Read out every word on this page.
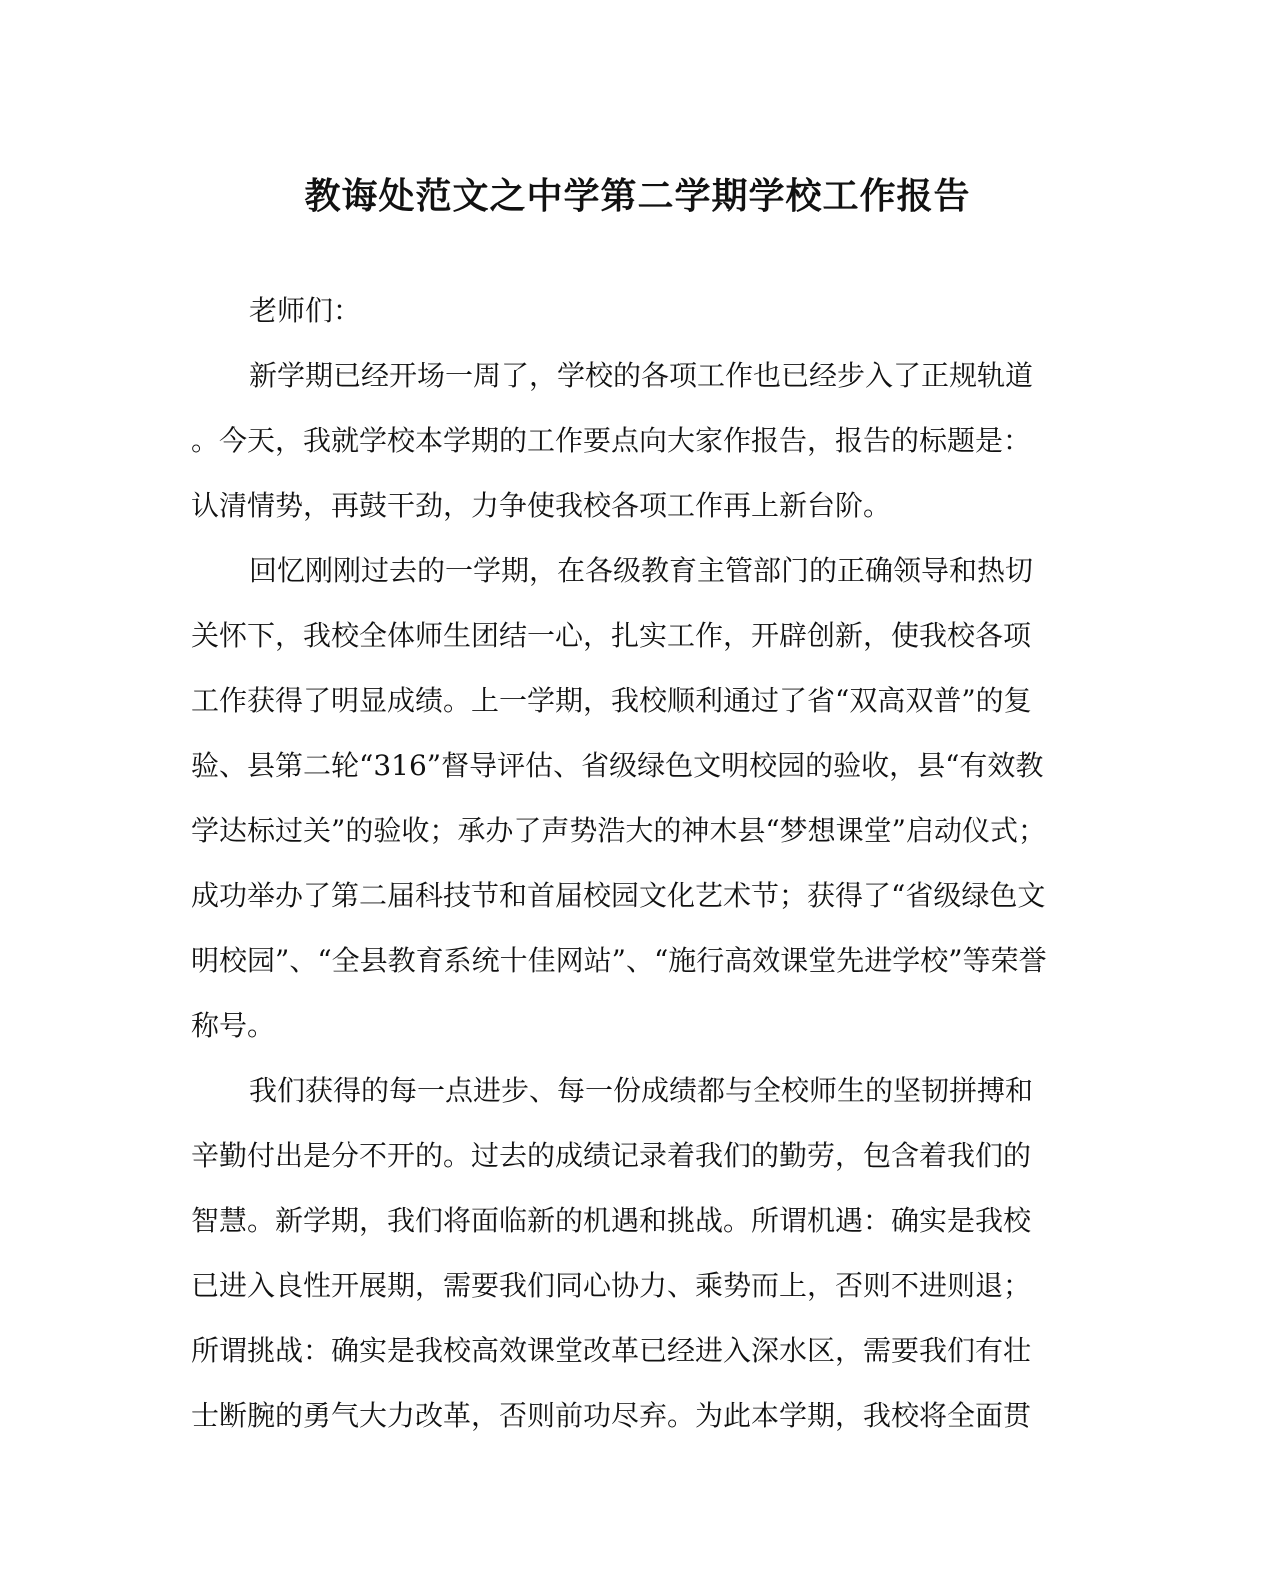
教诲处范文之中学第二学期学校工作报告
老师们：
新学期已经开场一周了，学校的各项工作也已经步入了正规轨道
。今天，我就学校本学期的工作要点向大家作报告，报告的标题是：
认清情势，再鼓干劲，力争使我校各项工作再上新台阶。
回忆刚刚过去的一学期，在各级教育主管部门的正确领导和热切
关怀下，我校全体师生团结一心，扎实工作，开辟创新，使我校各项
工作获得了明显成绩。上一学期，我校顺利通过了省“双高双普”的复
验、县第二轮“316”督导评估、省级绿色文明校园的验收，县“有效教
学达标过关”的验收；承办了声势浩大的神木县“梦想课堂”启动仪式；
成功举办了第二届科技节和首届校园文化艺术节；获得了“省级绿色文
明校园”、“全县教育系统十佳网站”、“施行高效课堂先进学校”等荣誉
称号。
我们获得的每一点进步、每一份成绩都与全校师生的坚韧拼搏和
辛勤付出是分不开的。过去的成绩记录着我们的勤劳，包含着我们的
智慧。新学期，我们将面临新的机遇和挑战。所谓机遇：确实是我校
已进入良性开展期，需要我们同心协力、乘势而上，否则不进则退；
所谓挑战：确实是我校高效课堂改革已经进入深水区，需要我们有壮
士断腕的勇气大力改革，否则前功尽弃。为此本学期，我校将全面贯
